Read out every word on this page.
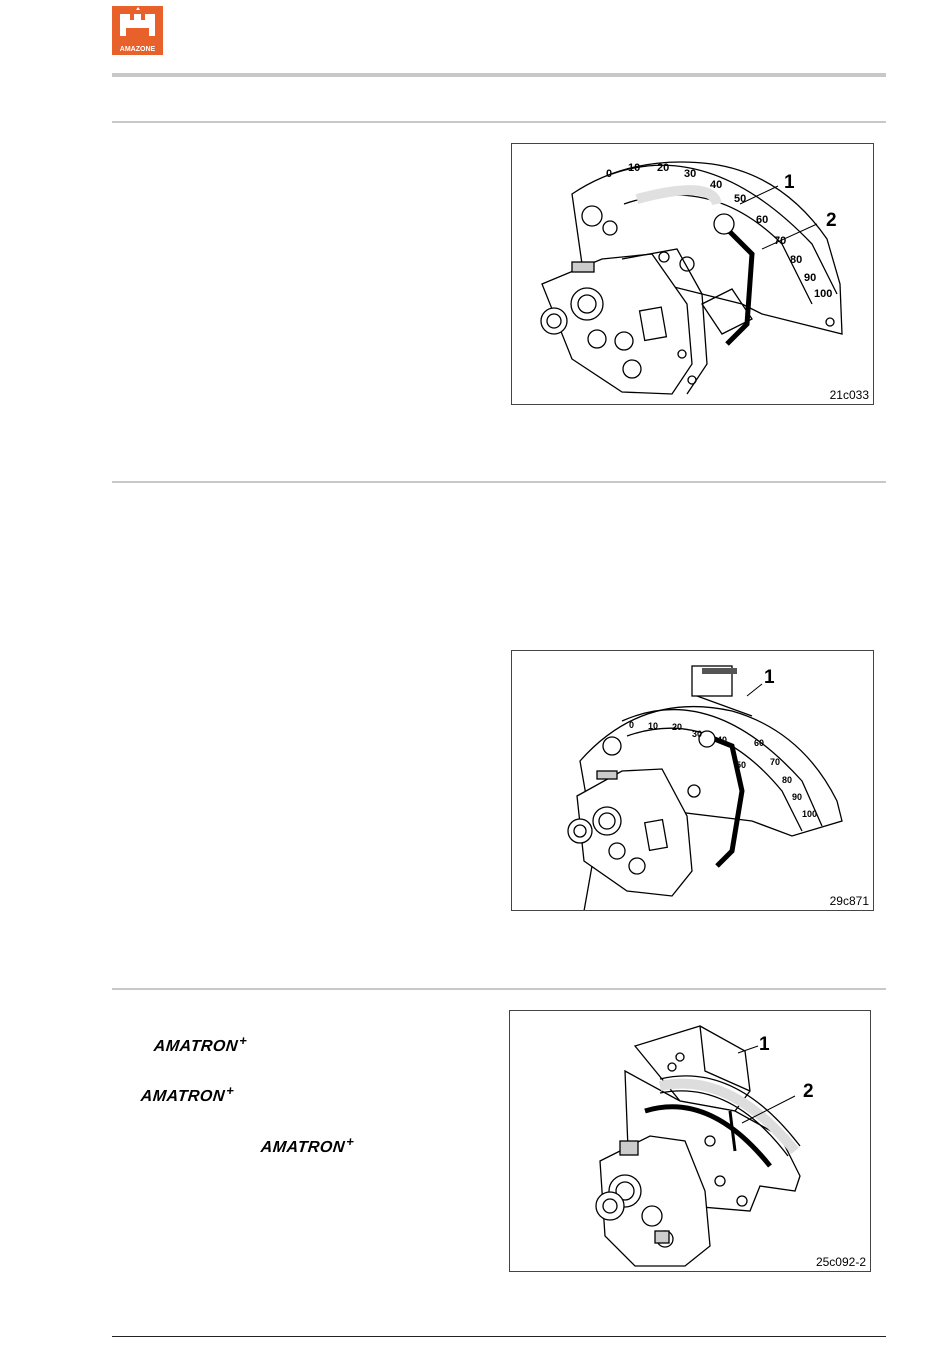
AMAZONE
0 10 20 30
40
50
60
70
80
90
100
1
2
21c033
0 10 20
30
40
50
60
70
80
90
100
1
29c871
AMATRON+
AMATRON+
AMATRON+
1
2
25c092-2
